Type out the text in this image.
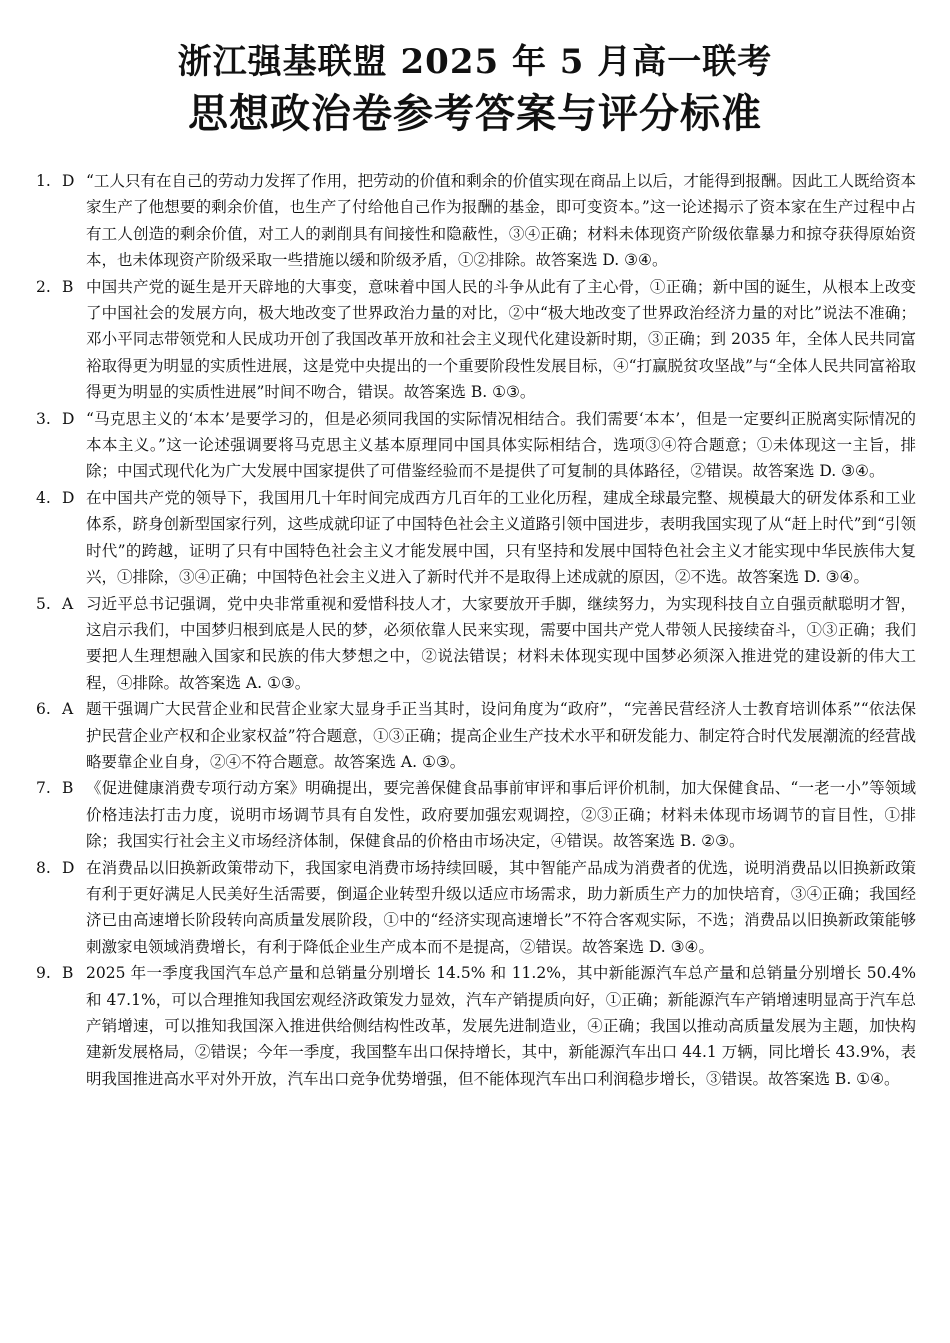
浙江强基联盟 2025 年 5 月高一联考
思想政治卷参考答案与评分标准
1. D “工人只有在自己的劳动力发挥了作用，把劳动的价值和剩余的价值实现在商品上以后，才能得到报酬。因此工人既给资本家生产了他想要的剩余价值，也生产了付给他自己作为报酬的基金，即可变资本。”这一论述揭示了资本家在生产过程中占有工人创造的剩余价值，对工人的剥削具有间接性和隐蔽性，③④正确；材料未体现资产阶级依靠暴力和掠夺获得原始资本，也未体现资产阶级采取一些措施以缓和阶级矛盾，①②排除。故答案选 D. ③④。
2. B 中国共产党的诞生是开天辟地的大事变，意味着中国人民的斗争从此有了主心骨，①正确；新中国的诞生，从根本上改变了中国社会的发展方向，极大地改变了世界政治力量的对比，②中“极大地改变了世界政治经济力量的对比”说法不准确；邓小平同志带领党和人民成功开创了我国改革开放和社会主义现代化建设新时期，③正确；到 2035 年，全体人民共同富裕取得更为明显的实质性进展，这是党中央提出的一个重要阶段性发展目标，④“打赢脱贫攻坚战”与“全体人民共同富裕取得更为明显的实质性进展”时间不吻合，错误。故答案选 B. ①③。
3. D “马克思主义的‘本本’是要学习的，但是必须同我国的实际情况相结合。我们需要‘本本’，但是一定要纠正脱离实际情况的本本主义。”这一论述强调要将马克思主义基本原理同中国具体实际相结合，选项③④符合题意；①未体现这一主旨，排除；中国式现代化为广大发展中国家提供了可借鉴经验而不是提供了可复制的具体路径，②错误。故答案选 D. ③④。
4. D 在中国共产党的领导下，我国用几十年时间完成西方几百年的工业化历程，建成全球最完整、规模最大的研发体系和工业体系，跻身创新型国家行列，这些成就印证了中国特色社会主义道路引领中国进步，表明我国实现了从“赶上时代”到“引领时代”的跨越，证明了只有中国特色社会主义才能发展中国，只有坚持和发展中国特色社会主义才能实现中华民族伟大复兴，①排除，③④正确；中国特色社会主义进入了新时代并不是取得上述成就的原因，②不选。故答案选 D. ③④。
5. A 习近平总书记强调，党中央非常重视和爱惜科技人才，大家要放开手脚，继续努力，为实现科技自立自强贡献聪明才智，这启示我们，中国梦归根到底是人民的梦，必须依靠人民来实现，需要中国共产党人带领人民接续奋斗，①③正确；我们要把人生理想融入国家和民族的伟大梦想之中，②说法错误；材料未体现实现中国梦必须深入推进党的建设新的伟大工程，④排除。故答案选 A. ①③。
6. A 题干强调广大民营企业和民营企业家大显身手正当其时，设问角度为“政府”，“完善民营经济人士教育培训体系”“依法保护民营企业产权和企业家权益”符合题意，①③正确；提高企业生产技术水平和研发能力、制定符合时代发展潮流的经营战略要靠企业自身，②④不符合题意。故答案选 A. ①③。
7. B 《促进健康消费专项行动方案》明确提出，要完善保健食品事前审评和事后评价机制，加大保健食品、“一老一小”等领域价格违法打击力度，说明市场调节具有自发性，政府要加强宏观调控，②③正确；材料未体现市场调节的盲目性，①排除；我国实行社会主义市场经济体制，保健食品的价格由市场决定，④错误。故答案选 B. ②③。
8. D 在消费品以旧换新政策带动下，我国家电消费市场持续回暖，其中智能产品成为消费者的优选，说明消费品以旧换新政策有利于更好满足人民美好生活需要，倒逼企业转型升级以适应市场需求，助力新质生产力的加快培育，③④正确；我国经济已由高速增长阶段转向高质量发展阶段，①中的“经济实现高速增长”不符合客观实际，不选；消费品以旧换新政策能够刺激家电领域消费增长，有利于降低企业生产成本而不是提高，②错误。故答案选 D. ③④。
9. B 2025 年一季度我国汽车总产量和总销量分别增长 14.5% 和 11.2%，其中新能源汽车总产量和总销量分别增长 50.4% 和 47.1%，可以合理推知我国宏观经济政策发力显效，汽车产销提质向好，①正确；新能源汽车产销增速明显高于汽车总产销增速，可以推知我国深入推进供给侧结构性改革，发展先进制造业，④正确；我国以推动高质量发展为主题，加快构建新发展格局，②错误；今年一季度，我国整车出口保持增长，其中，新能源汽车出口 44.1 万辆，同比增长 43.9%，表明我国推进高水平对外开放，汽车出口竞争优势增强，但不能体现汽车出口利润稳步增长，③错误。故答案选 B. ①④。
